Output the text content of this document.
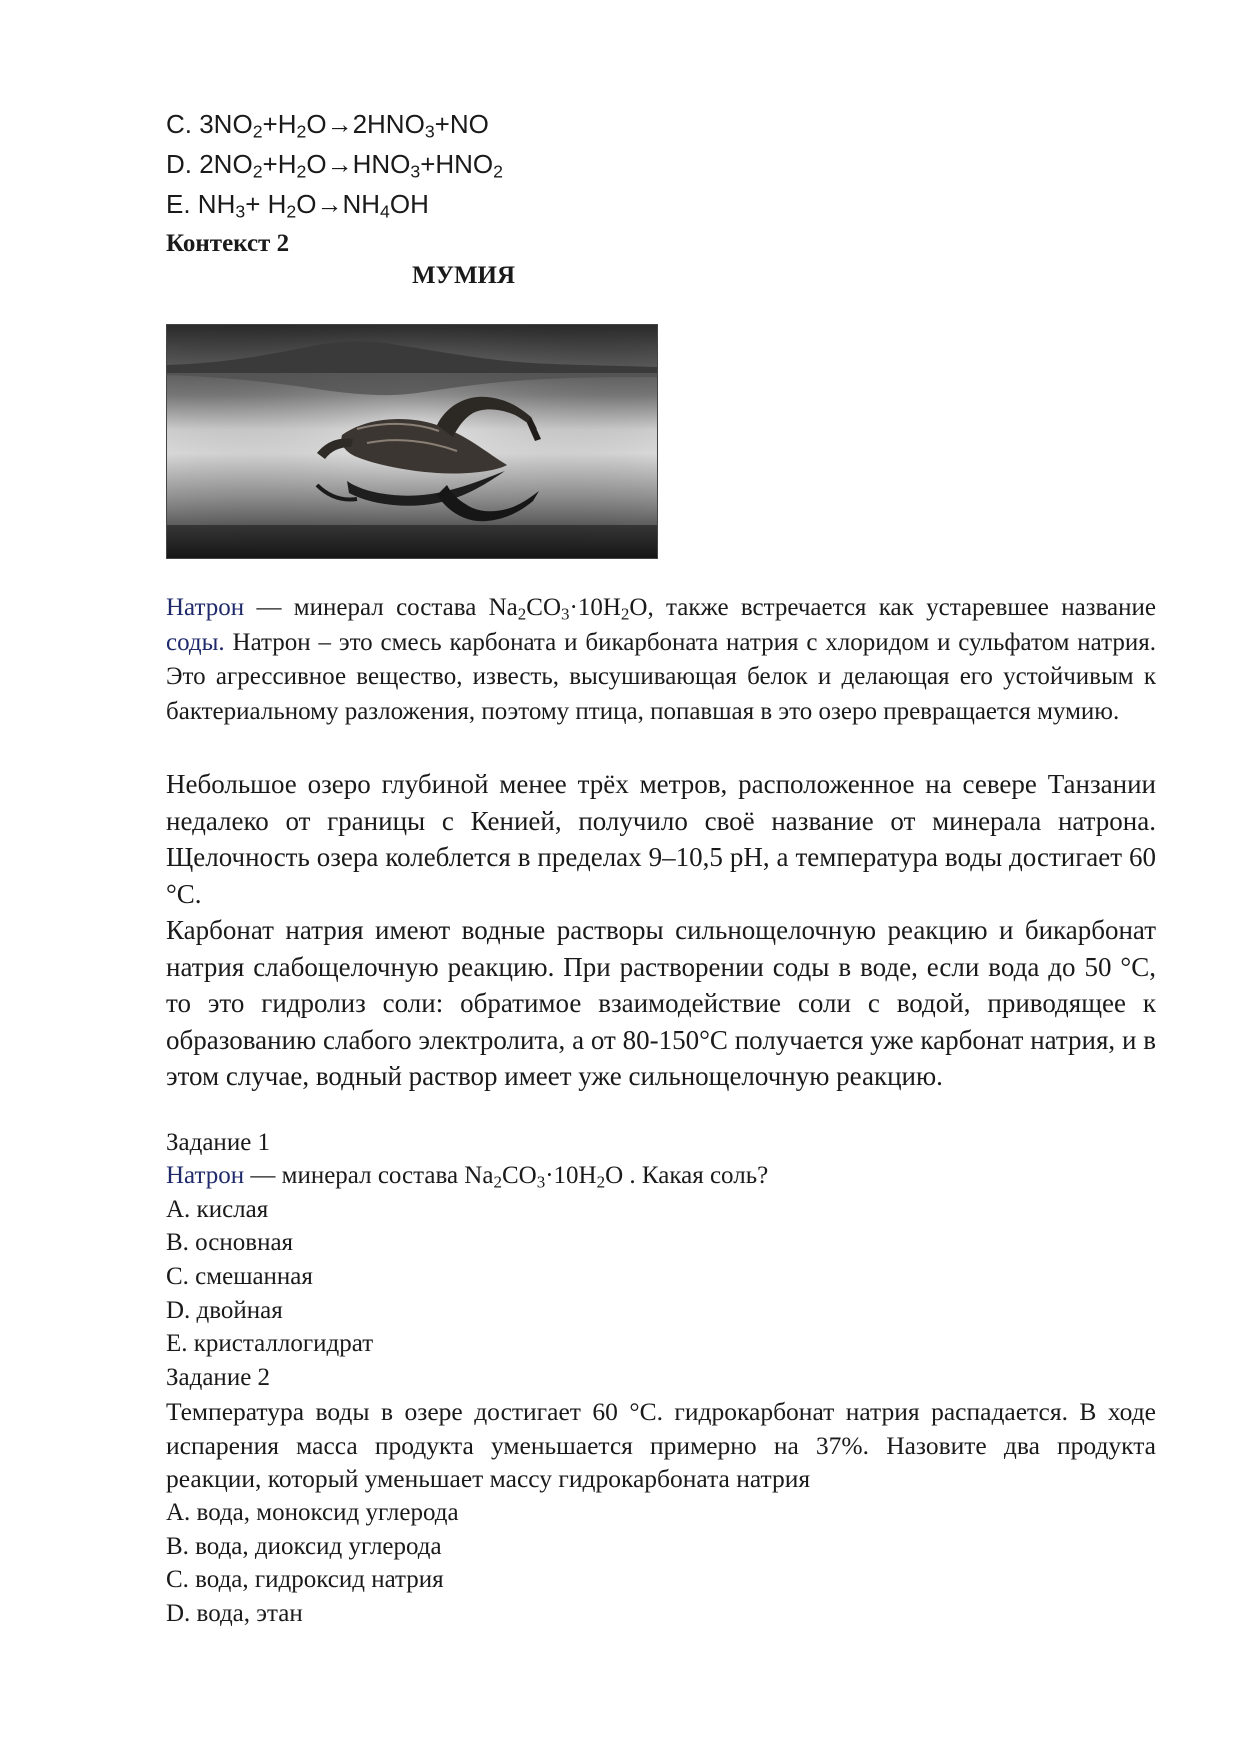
С. $3NO_2+H_2O\to 2HNO_3+NO$
D. $2NO_2+H_2O\to HNO_3+HNO_2$
E. $NH_3+ H_2O\to NH_4OH$
Контекст 2
МУМИЯ
Натрон — минерал состава $Na_2CO_3\cdot 10H_2O$, также встречается как устаревшее название соды. Натрон – это смесь карбоната и бикарбоната натрия с хлоридом и сульфатом натрия. Это агрессивное вещество, известь, высушивающая белок и делающая его устойчивым к бактериальному разложения, поэтому птица, попавшая в это озеро превращается мумию.
Небольшое озеро глубиной менее трёх метров, расположенное на севере Танзании недалеко от границы с Кенией, получило своё название от минерала натрона. Щелочность озера колеблется в пределах 9–10,5 pH, а температура воды достигает 60 °C.
Карбонат натрия имеют водные растворы сильнощелочную реакцию и бикарбонат натрия слабощелочную реакцию. При растворении соды в воде, если вода до 50 °C, то это гидролиз соли: обратимое взаимодействие соли с водой, приводящее к образованию слабого электролита, а от 80-150°C получается уже карбонат натрия, и в этом случае, водный раствор имеет уже сильнощелочную реакцию.
Задание 1
Натрон — минерал состава $Na_2CO_3\cdot 10H_2O$ . Какая соль?
A. кислая
B. основная
C. смешанная
D. двойная
E. кристаллогидрат
Задание 2
Температура воды в озере достигает 60 °C. гидрокарбонат натрия распадается. В ходе испарения масса продукта уменьшается примерно на 37%. Назовите два продукта реакции, который уменьшает массу гидрокарбоната натрия
A. вода, моноксид углерода
B. вода, диоксид углерода
C. вода, гидроксид натрия
D. вода, этан
